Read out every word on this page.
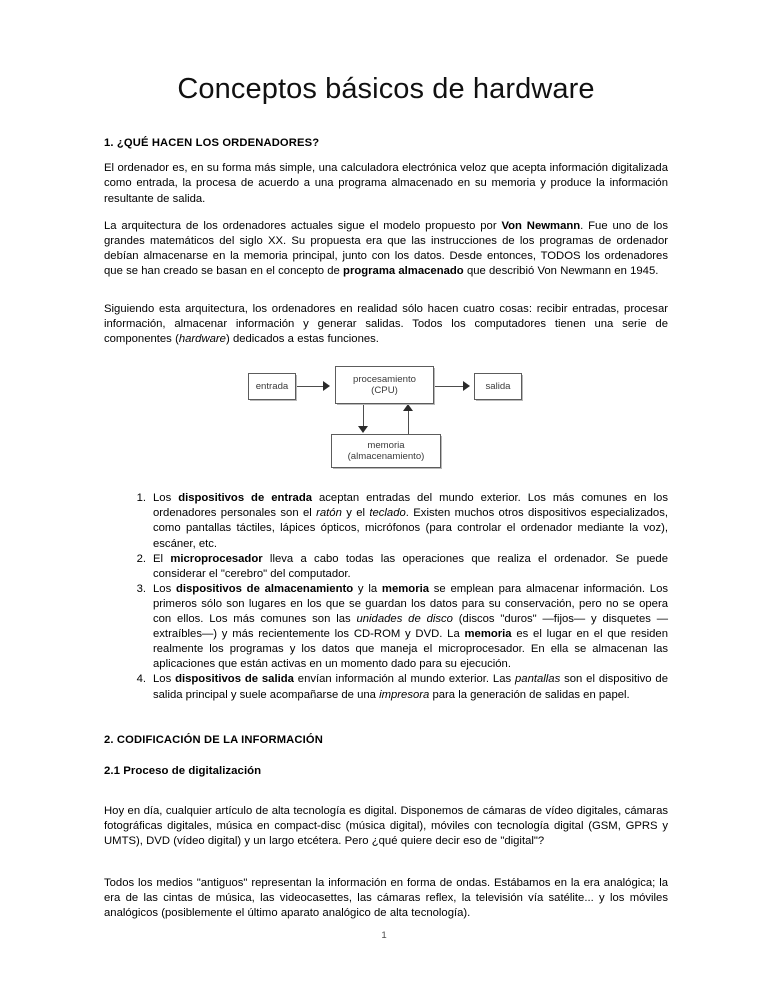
Conceptos básicos de hardware
1. ¿QUÉ HACEN LOS ORDENADORES?

El ordenador es, en su forma más simple, una calculadora electrónica veloz que acepta información digitalizada como entrada, la procesa de acuerdo a una programa almacenado en su memoria y produce la información resultante de salida.

La arquitectura de los ordenadores actuales sigue el modelo propuesto por Von Newmann. Fue uno de los grandes matemáticos del siglo XX. Su propuesta era que las instrucciones de los programas de ordenador debían almacenarse en la memoria principal, junto con los datos. Desde entonces, TODOS los ordenadores que se han creado se basan en el concepto de programa almacenado que describió Von Newmann en 1945.

Siguiendo esta arquitectura, los ordenadores en realidad sólo hacen cuatro cosas: recibir entradas, procesar información, almacenar información y generar salidas. Todos los computadores tienen una serie de componentes (hardware) dedicados a estas funciones.

entrada
procesamiento
(CPU)	salida
memoria
(almacenamiento)
1. Los dispositivos de entrada aceptan entradas del mundo exterior. Los más comunes en los ordenadores personales son el ratón y el teclado. Existen muchos otros dispositivos especializados, como pantallas táctiles, lápices ópticos, micrófonos (para controlar el ordenador mediante la voz), escáner, etc.
2. El microprocesador lleva a cabo todas las operaciones que realiza el ordenador. Se puede considerar el "cerebro" del computador.
3. Los dispositivos de almacenamiento y la memoria se emplean para almacenar información. Los primeros sólo son lugares en los que se guardan los datos para su conservación, pero no se opera con ellos. Los más comunes son las unidades de disco (discos "duros" —fijos— y disquetes —extraíbles—) y más recientemente los CD-ROM y DVD. La memoria es el lugar en el que residen realmente los programas y los datos que maneja el microprocesador. En ella se almacenan las aplicaciones que están activas en un momento dado para su ejecución.
4. Los dispositivos de salida envían información al mundo exterior. Las pantallas son el dispositivo de salida principal y suele acompañarse de una impresora para la generación de salidas en papel.
2. CODIFICACIÓN DE LA INFORMACIÓN
2.1 Proceso de digitalización

Hoy en día, cualquier artículo de alta tecnología es digital. Disponemos de cámaras de vídeo digitales, cámaras fotográficas digitales, música en compact-disc (música digital), móviles con tecnología digital (GSM, GPRS y UMTS), DVD (vídeo digital) y un largo etcétera. Pero ¿qué quiere decir eso de "digital"?

Todos los medios "antiguos" representan la información en forma de ondas. Estábamos en la era analógica; la era de las cintas de música, las videocasettes, las cámaras reflex, la televisión vía satélite... y los móviles analógicos (posiblemente el último aparato analógico de alta tecnología).

1
